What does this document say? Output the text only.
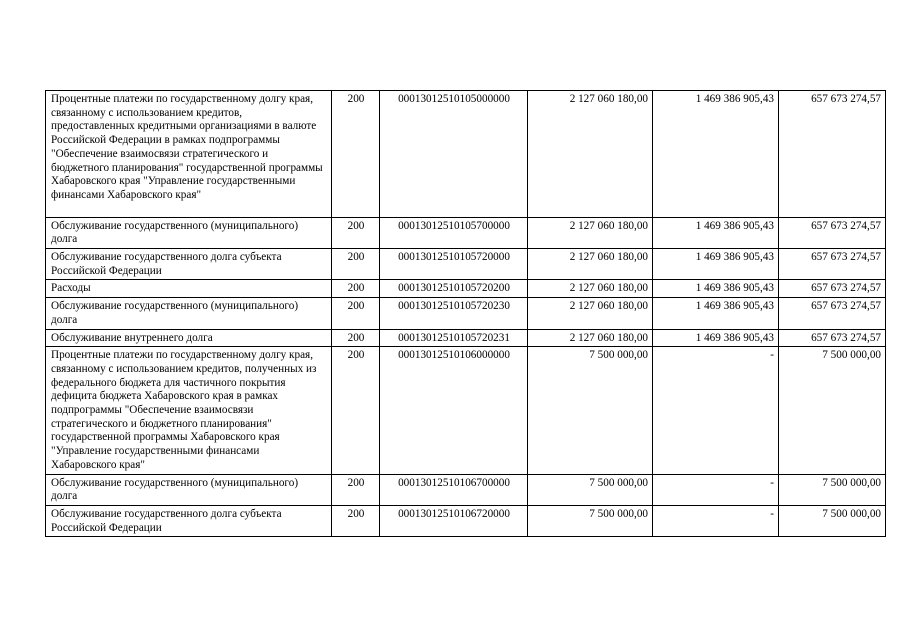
Процентные платежи по государственному долгу края, связанному с использованием кредитов, предоставленных кредитными организациями в валюте Российской Федерации в рамках подпрограммы "Обеспечение взаимосвязи стратегического и бюджетного планирования" государственной программы Хабаровского края "Управление государственными финансами Хабаровского края"	200	00013012510105000000	2 127 060 180,00	1 469 386 905,43	657 673 274,57
Обслуживание государственного (муниципального) долга	200	00013012510105700000	2 127 060 180,00	1 469 386 905,43	657 673 274,57
Обслуживание государственного долга субъекта Российской Федерации	200	00013012510105720000	2 127 060 180,00	1 469 386 905,43	657 673 274,57
Расходы	200	00013012510105720200	2 127 060 180,00	1 469 386 905,43	657 673 274,57
Обслуживание государственного (муниципального) долга	200	00013012510105720230	2 127 060 180,00	1 469 386 905,43	657 673 274,57
Обслуживание внутреннего долга	200	00013012510105720231	2 127 060 180,00	1 469 386 905,43	657 673 274,57
Процентные платежи по государственному долгу края, связанному с использованием кредитов, полученных из федерального бюджета для частичного покрытия дефицита бюджета Хабаровского края в рамках подпрограммы "Обеспечение взаимосвязи стратегического и бюджетного планирования" государственной программы Хабаровского края "Управление государственными финансами Хабаровского края"	200	00013012510106000000	7 500 000,00	-	7 500 000,00
Обслуживание государственного (муниципального) долга	200	00013012510106700000	7 500 000,00	-	7 500 000,00
Обслуживание государственного долга субъекта Российской Федерации	200	00013012510106720000	7 500 000,00	-	7 500 000,00
